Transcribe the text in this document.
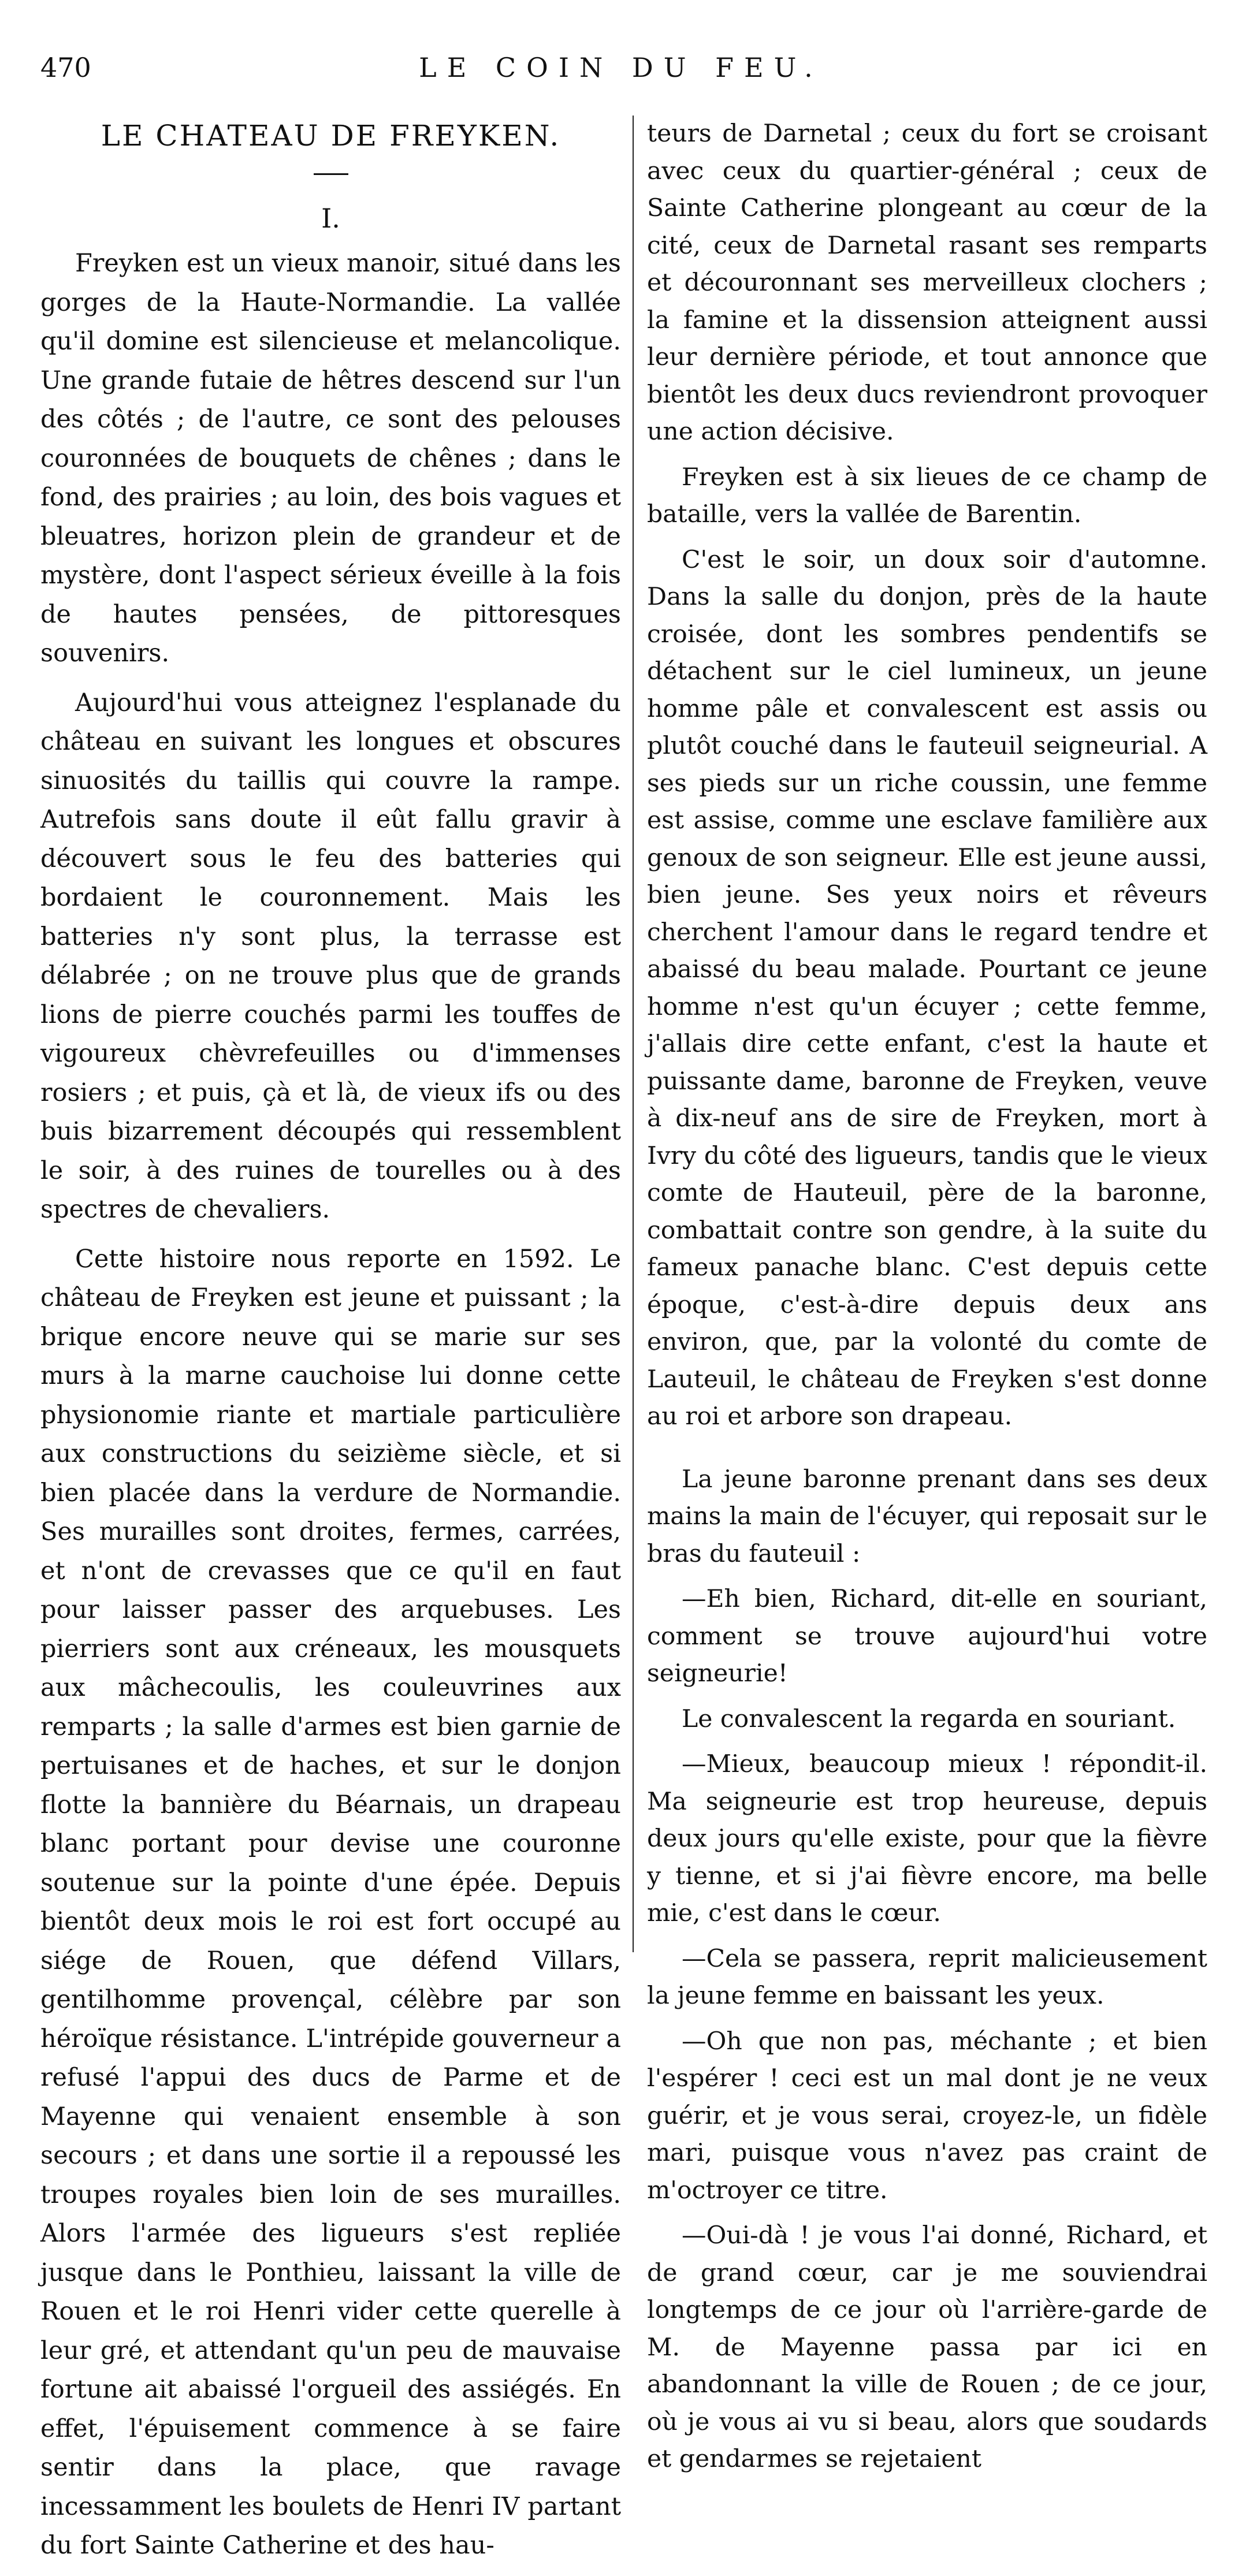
470	LE COIN DU FEU.
LE CHATEAU DE FREYKEN.
I.

Freyken est un vieux manoir, situé dans les gorges de la Haute-Normandie. La vallée qu'il domine est silencieuse et melancolique. Une grande futaie de hêtres descend sur l'un des côtés ; de l'autre, ce sont des pelouses couronnées de bouquets de chênes ; dans le fond, des prairies ; au loin, des bois vagues et bleuatres, horizon plein de grandeur et de mystère, dont l'aspect sérieux éveille à la fois de hautes pensées, de pittoresques souvenirs.

Aujourd'hui vous atteignez l'esplanade du château en suivant les longues et obscures sinuosités du taillis qui couvre la rampe. Autrefois sans doute il eût fallu gravir à découvert sous le feu des batteries qui bordaient le couronnement. Mais les batteries n'y sont plus, la terrasse est délabrée ; on ne trouve plus que de grands lions de pierre couchés parmi les touffes de vigoureux chèvrefeuilles ou d'immenses rosiers ; et puis, çà et là, de vieux ifs ou des buis bizarrement découpés qui ressemblent le soir, à des ruines de tourelles ou à des spectres de chevaliers.

Cette histoire nous reporte en 1592. Le château de Freyken est jeune et puissant ; la brique encore neuve qui se marie sur ses murs à la marne cauchoise lui donne cette physionomie riante et martiale particulière aux constructions du seizième siècle, et si bien placée dans la verdure de Normandie. Ses murailles sont droites, fermes, carrées, et n'ont de crevasses que ce qu'il en faut pour laisser passer des arquebuses. Les pierriers sont aux créneaux, les mousquets aux mâchecoulis, les couleuvrines aux remparts ; la salle d'armes est bien garnie de pertuisanes et de haches, et sur le donjon flotte la bannière du Béarnais, un drapeau blanc portant pour devise une couronne soutenue sur la pointe d'une épée. Depuis bientôt deux mois le roi est fort occupé au siége de Rouen, que défend Villars, gentilhomme provençal, célèbre par son héroïque résistance. L'intrépide gouverneur a refusé l'appui des ducs de Parme et de Mayenne qui venaient ensemble à son secours ; et dans une sortie il a repoussé les troupes royales bien loin de ses murailles. Alors l'armée des ligueurs s'est repliée jusque dans le Ponthieu, laissant la ville de Rouen et le roi Henri vider cette querelle à leur gré, et attendant qu'un peu de mauvaise fortune ait abaissé l'orgueil des assiégés. En effet, l'épuisement commence à se faire sentir dans la place, que ravage incessamment les boulets de Henri IV partant du fort Sainte Catherine et des hau-

teurs de Darnetal ; ceux du fort se croisant avec ceux du quartier-général ; ceux de Sainte Catherine plongeant au cœur de la cité, ceux de Darnetal rasant ses remparts et découronnant ses merveilleux clochers ; la famine et la dissension atteignent aussi leur dernière période, et tout annonce que bientôt les deux ducs reviendront provoquer une action décisive.

Freyken est à six lieues de ce champ de bataille, vers la vallée de Barentin.

C'est le soir, un doux soir d'automne. Dans la salle du donjon, près de la haute croisée, dont les sombres pendentifs se détachent sur le ciel lumineux, un jeune homme pâle et convalescent est assis ou plutôt couché dans le fauteuil seigneurial. A ses pieds sur un riche coussin, une femme est assise, comme une esclave familière aux genoux de son seigneur. Elle est jeune aussi, bien jeune. Ses yeux noirs et rêveurs cherchent l'amour dans le regard tendre et abaissé du beau malade. Pourtant ce jeune homme n'est qu'un écuyer ; cette femme, j'allais dire cette enfant, c'est la haute et puissante dame, baronne de Freyken, veuve à dix-neuf ans de sire de Freyken, mort à Ivry du côté des ligueurs, tandis que le vieux comte de Hauteuil, père de la baronne, combattait contre son gendre, à la suite du fameux panache blanc. C'est depuis cette époque, c'est-à-dire depuis deux ans environ, que, par la volonté du comte de Lauteuil, le château de Freyken s'est donne au roi et arbore son drapeau.

La jeune baronne prenant dans ses deux mains la main de l'écuyer, qui reposait sur le bras du fauteuil :

—Eh bien, Richard, dit-elle en souriant, comment se trouve aujourd'hui votre seigneurie!

Le convalescent la regarda en souriant.

—Mieux, beaucoup mieux ! répondit-il. Ma seigneurie est trop heureuse, depuis deux jours qu'elle existe, pour que la fièvre y tienne, et si j'ai fièvre encore, ma belle mie, c'est dans le cœur.

—Cela se passera, reprit malicieusement la jeune femme en baissant les yeux.

—Oh que non pas, méchante ; et bien l'espérer ! ceci est un mal dont je ne veux guérir, et je vous serai, croyez-le, un fidèle mari, puisque vous n'avez pas craint de m'octroyer ce titre.

—Oui-dà ! je vous l'ai donné, Richard, et de grand cœur, car je me souviendrai longtemps de ce jour où l'arrière-garde de M. de Mayenne passa par ici en abandonnant la ville de Rouen ; de ce jour, où je vous ai vu si beau, alors que soudards et gendarmes se rejetaient
